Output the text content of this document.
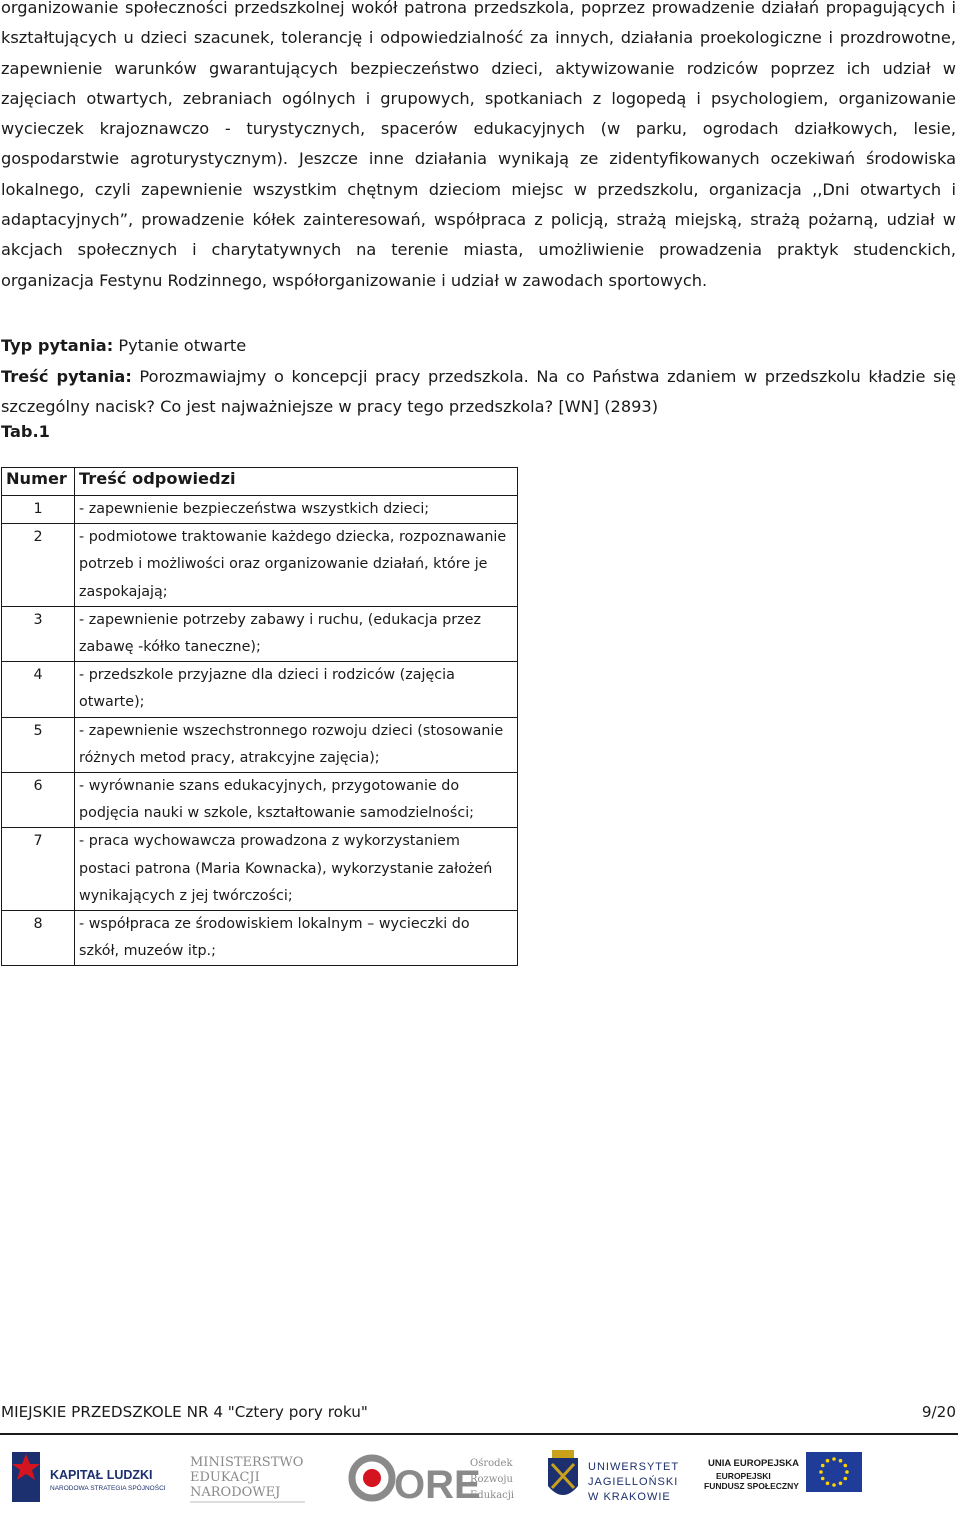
organizowanie społeczności przedszkolnej wokół patrona przedszkola, poprzez prowadzenie działań propagujących i kształtujących u dzieci szacunek, tolerancję i odpowiedzialność za innych, działania proekologiczne i prozdrowotne, zapewnienie warunków gwarantujących bezpieczeństwo dzieci, aktywizowanie rodziców poprzez ich udział w zajęciach otwartych, zebraniach ogólnych i grupowych, spotkaniach z logopedą i psychologiem, organizowanie wycieczek krajoznawczo - turystycznych, spacerów edukacyjnych (w parku, ogrodach działkowych, lesie, gospodarstwie agroturystycznym). Jeszcze inne działania wynikają ze zidentyfikowanych oczekiwań środowiska lokalnego, czyli zapewnienie wszystkim chętnym dzieciom miejsc w przedszkolu, organizacja ,,Dni otwartych i adaptacyjnych”, prowadzenie kółek zainteresowań, współpraca z policją, strażą miejską, strażą pożarną, udział w akcjach społecznych i charytatywnych na terenie miasta, umożliwienie prowadzenia praktyk studenckich, organizacja Festynu Rodzinnego, współorganizowanie i udział w zawodach sportowych.

Typ pytania: Pytanie otwarte

Treść pytania: Porozmawiajmy o koncepcji pracy przedszkola. Na co Państwa zdaniem w przedszkolu kładzie się szczególny nacisk? Co jest najważniejsze w pracy tego przedszkola? [WN] (2893)

Tab.1
Numer	Treść odpowiedzi
1	- zapewnienie bezpieczeństwa wszystkich dzieci;
2	- podmiotowe traktowanie każdego dziecka, rozpoznawanie potrzeb i możliwości oraz organizowanie działań, które je zaspokajają;
3	- zapewnienie potrzeby zabawy i ruchu, (edukacja przez zabawę -kółko taneczne);
4	- przedszkole przyjazne dla dzieci i rodziców (zajęcia otwarte);
5	- zapewnienie wszechstronnego rozwoju dzieci (stosowanie różnych metod pracy, atrakcyjne zajęcia);
6	- wyrównanie szans edukacyjnych, przygotowanie do podjęcia nauki w szkole, kształtowanie samodzielności;
7	- praca wychowawcza prowadzona z wykorzystaniem postaci patrona (Maria Kownacka), wykorzystanie założeń wynikających z jej twórczości;
8	- współpraca ze środowiskiem lokalnym – wycieczki do szkół, muzeów itp.;
MIEJSKIE PRZEDSZKOLE NR 4 "Cztery pory roku"	9/20
KAPITAŁ LUDZKI
NARODOWA STRATEGIA SPÓJNOŚCI
MINISTERSTWO
EDUKACJI
NARODOWEJ	ORE
Ośrodek
Rozwoju
Edukacji
UNIWERSYTET
JAGIELLOŃSKI
W KRAKOWIE
UNIA EUROPEJSKA
EUROPEJSKI
FUNDUSZ SPOŁECZNY
